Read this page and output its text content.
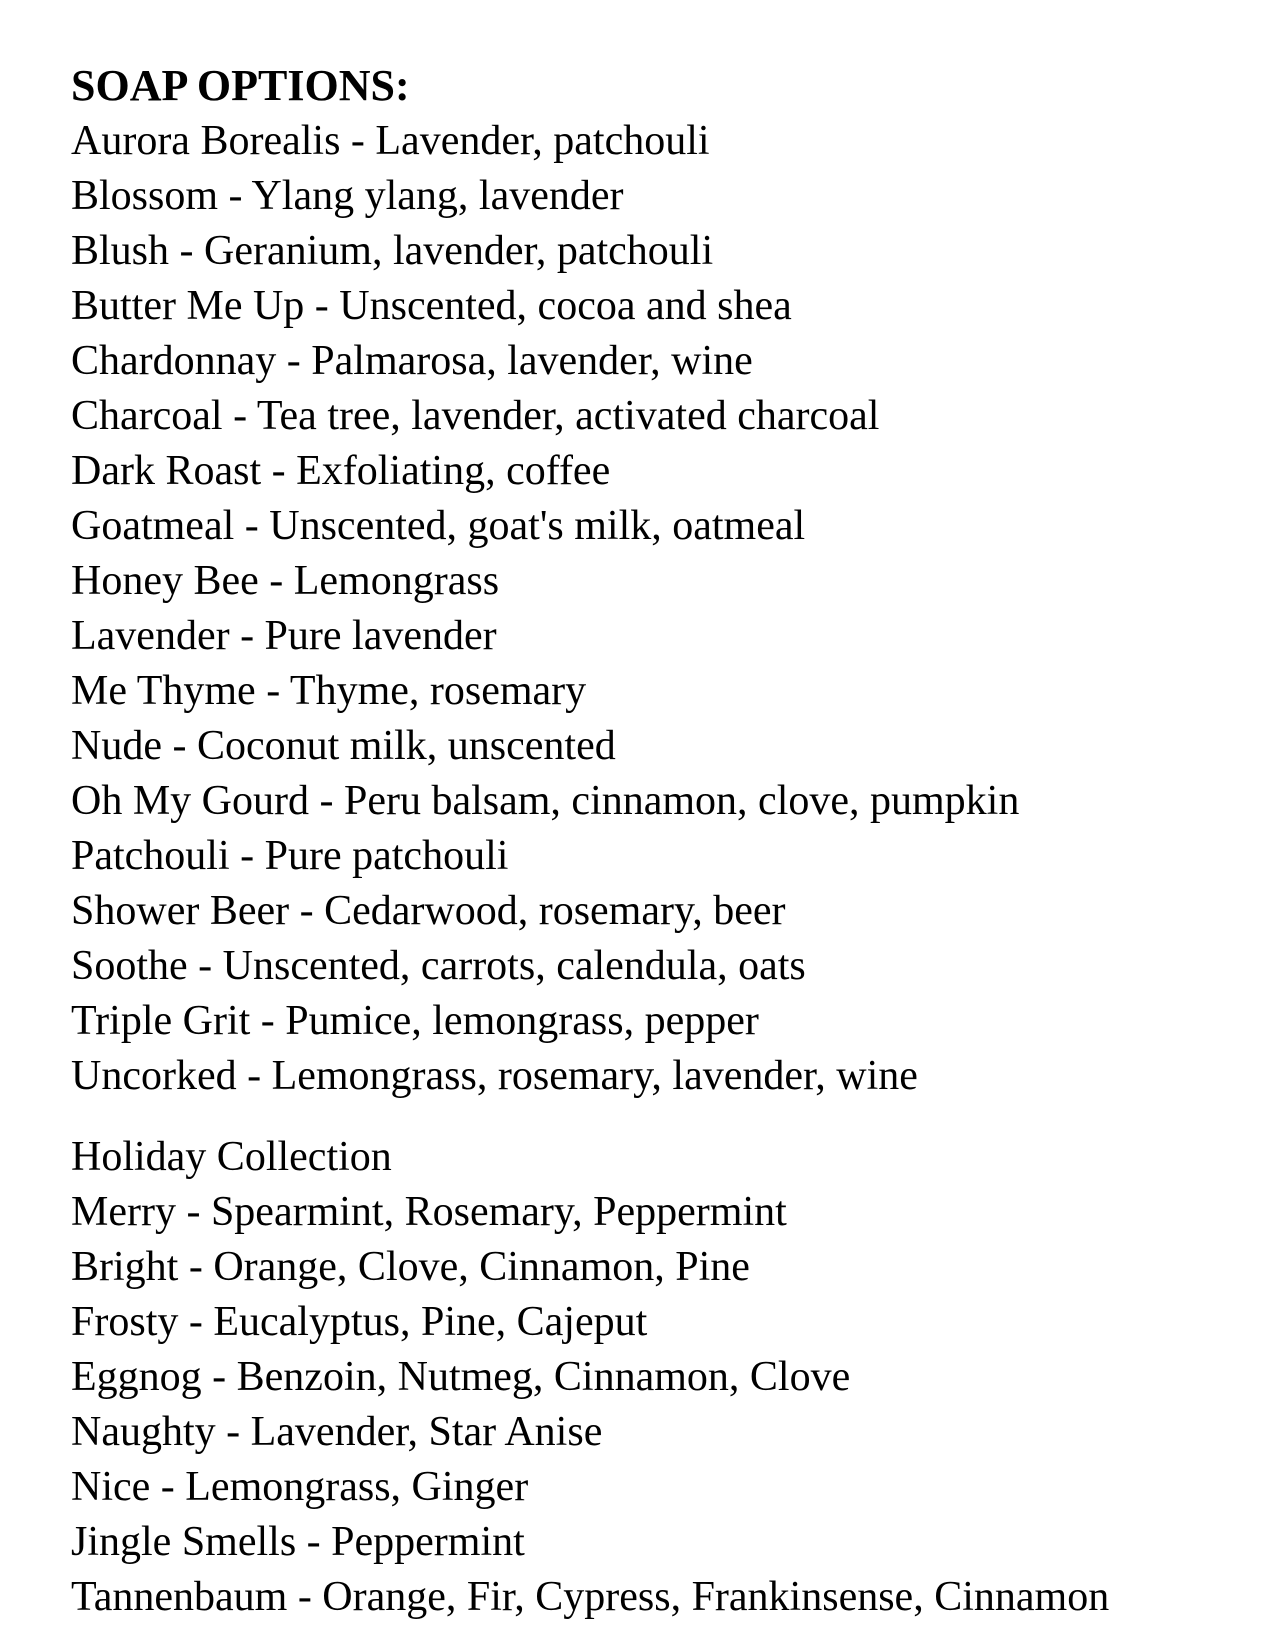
SOAP OPTIONS:
Aurora Borealis - Lavender, patchouli
Blossom - Ylang ylang, lavender
Blush - Geranium, lavender, patchouli
Butter Me Up - Unscented, cocoa and shea
Chardonnay - Palmarosa, lavender, wine
Charcoal - Tea tree, lavender, activated charcoal
Dark Roast - Exfoliating, coffee
Goatmeal - Unscented, goat's milk, oatmeal
Honey Bee - Lemongrass
Lavender - Pure lavender
Me Thyme - Thyme, rosemary
Nude - Coconut milk, unscented
Oh My Gourd - Peru balsam, cinnamon, clove, pumpkin
Patchouli - Pure patchouli
Shower Beer - Cedarwood, rosemary, beer
Soothe - Unscented, carrots, calendula, oats
Triple Grit - Pumice, lemongrass, pepper
Uncorked - Lemongrass, rosemary, lavender, wine
Holiday Collection
Merry - Spearmint, Rosemary, Peppermint
Bright - Orange, Clove, Cinnamon, Pine
Frosty - Eucalyptus, Pine, Cajeput
Eggnog - Benzoin, Nutmeg, Cinnamon, Clove
Naughty - Lavender, Star Anise
Nice - Lemongrass, Ginger
Jingle Smells - Peppermint
Tannenbaum - Orange, Fir, Cypress, Frankinsense, Cinnamon
